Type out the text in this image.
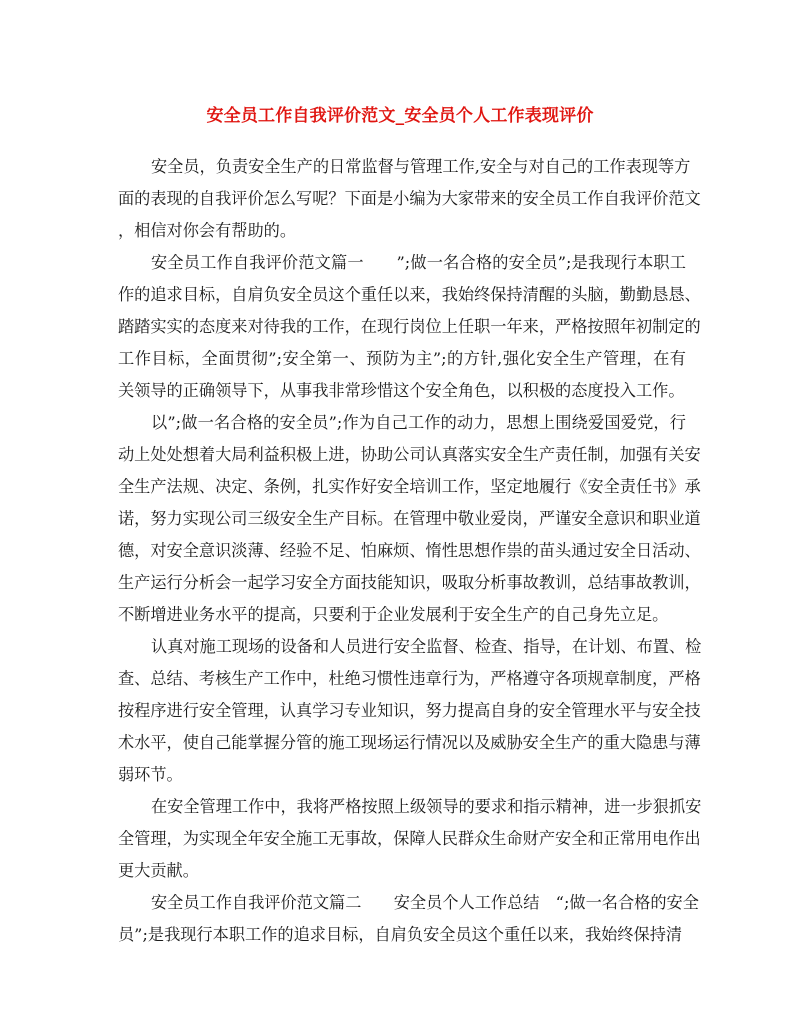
安全员工作自我评价范文_安全员个人工作表现评价

安全员，负责安全生产的日常监督与管理工作,安全与对自己的工作表现等方
面的表现的自我评价怎么写呢？下面是小编为大家带来的安全员工作自我评价范文
，相信对你会有帮助的。

安全员工作自我评价范文篇一　　”;做一名合格的安全员”;是我现行本职工
作的追求目标，自肩负安全员这个重任以来，我始终保持清醒的头脑，勤勤恳恳、
踏踏实实的态度来对待我的工作，在现行岗位上任职一年来，严格按照年初制定的
工作目标，全面贯彻”;安全第一、预防为主”;的方针,强化安全生产管理，在有
关领导的正确领导下，从事我非常珍惜这个安全角色，以积极的态度投入工作。

以”;做一名合格的安全员”;作为自己工作的动力，思想上围绕爱国爱党，行
动上处处想着大局利益积极上进，协助公司认真落实安全生产责任制，加强有关安
全生产法规、决定、条例，扎实作好安全培训工作，坚定地履行《安全责任书》承
诺，努力实现公司三级安全生产目标。在管理中敬业爱岗，严谨安全意识和职业道
德，对安全意识淡薄、经验不足、怕麻烦、惰性思想作祟的苗头通过安全日活动、
生产运行分析会一起学习安全方面技能知识，吸取分析事故教训，总结事故教训，
不断增进业务水平的提高，只要利于企业发展利于安全生产的自己身先立足。

认真对施工现场的设备和人员进行安全监督、检查、指导，在计划、布置、检
查、总结、考核生产工作中，杜绝习惯性违章行为，严格遵守各项规章制度，严格
按程序进行安全管理，认真学习专业知识，努力提高自身的安全管理水平与安全技
术水平，使自己能掌握分管的施工现场运行情况以及威胁安全生产的重大隐患与薄
弱环节。

在安全管理工作中，我将严格按照上级领导的要求和指示精神，进一步狠抓安
全管理，为实现全年安全施工无事故，保障人民群众生命财产安全和正常用电作出
更大贡献。

安全员工作自我评价范文篇二　　安全员个人工作总结　“;做一名合格的安全
员”;是我现行本职工作的追求目标，自肩负安全员这个重任以来，我始终保持清
